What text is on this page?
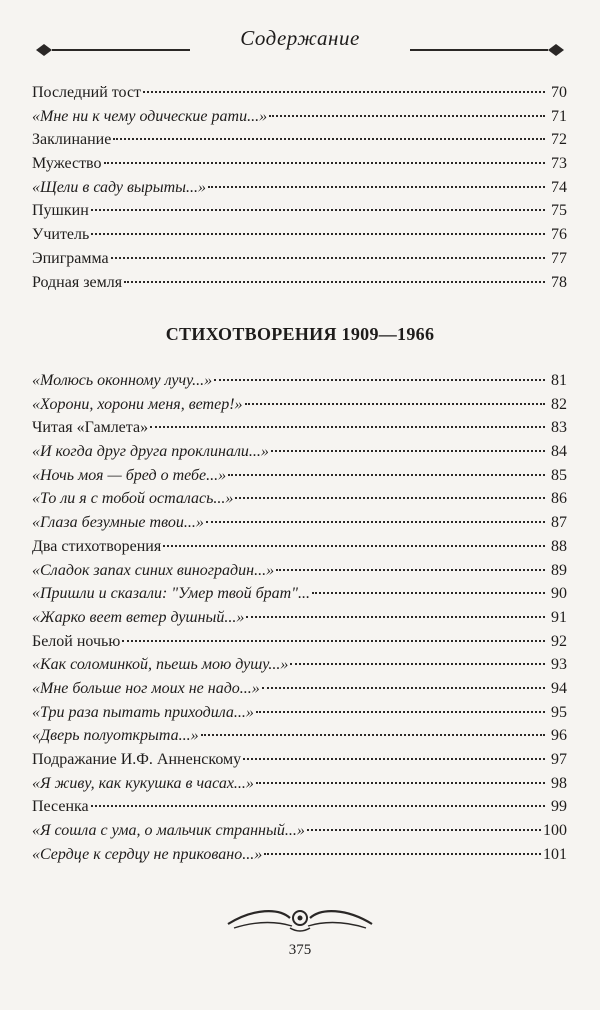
Содержание
Последний тост	70
«Мне ни к чему одические рати...»	71
Заклинание	72
Мужество	73
«Щели в саду вырыты...»	74
Пушкин	75
Учитель	76
Эпиграмма	77
Родная земля	78
СТИХОТВОРЕНИЯ 1909—1966
«Молюсь оконному лучу...»	81
«Хорони, хорони меня, ветер!»	82
Читая «Гамлета»	83
«И когда друг друга проклинали...»	84
«Ночь моя — бред о тебе...»	85
«То ли я с тобой осталась...»	86
«Глаза безумные твои...»	87
Два стихотворения	88
«Сладок запах синих виноградин...»	89
«Пришли и сказали: "Умер твой брат"...	90
«Жарко веет ветер душный...»	91
Белой ночью	92
«Как соломинкой, пьешь мою душу...»	93
«Мне больше ног моих не надо...»	94
«Три раза пытать приходила...»	95
«Дверь полуоткрыта...»	96
Подражание И.Ф. Анненскому	97
«Я живу, как кукушка в часах...»	98
Песенка	99
«Я сошла с ума, о мальчик странный...»	100
«Сердце к сердцу не приковано...»	101
375
